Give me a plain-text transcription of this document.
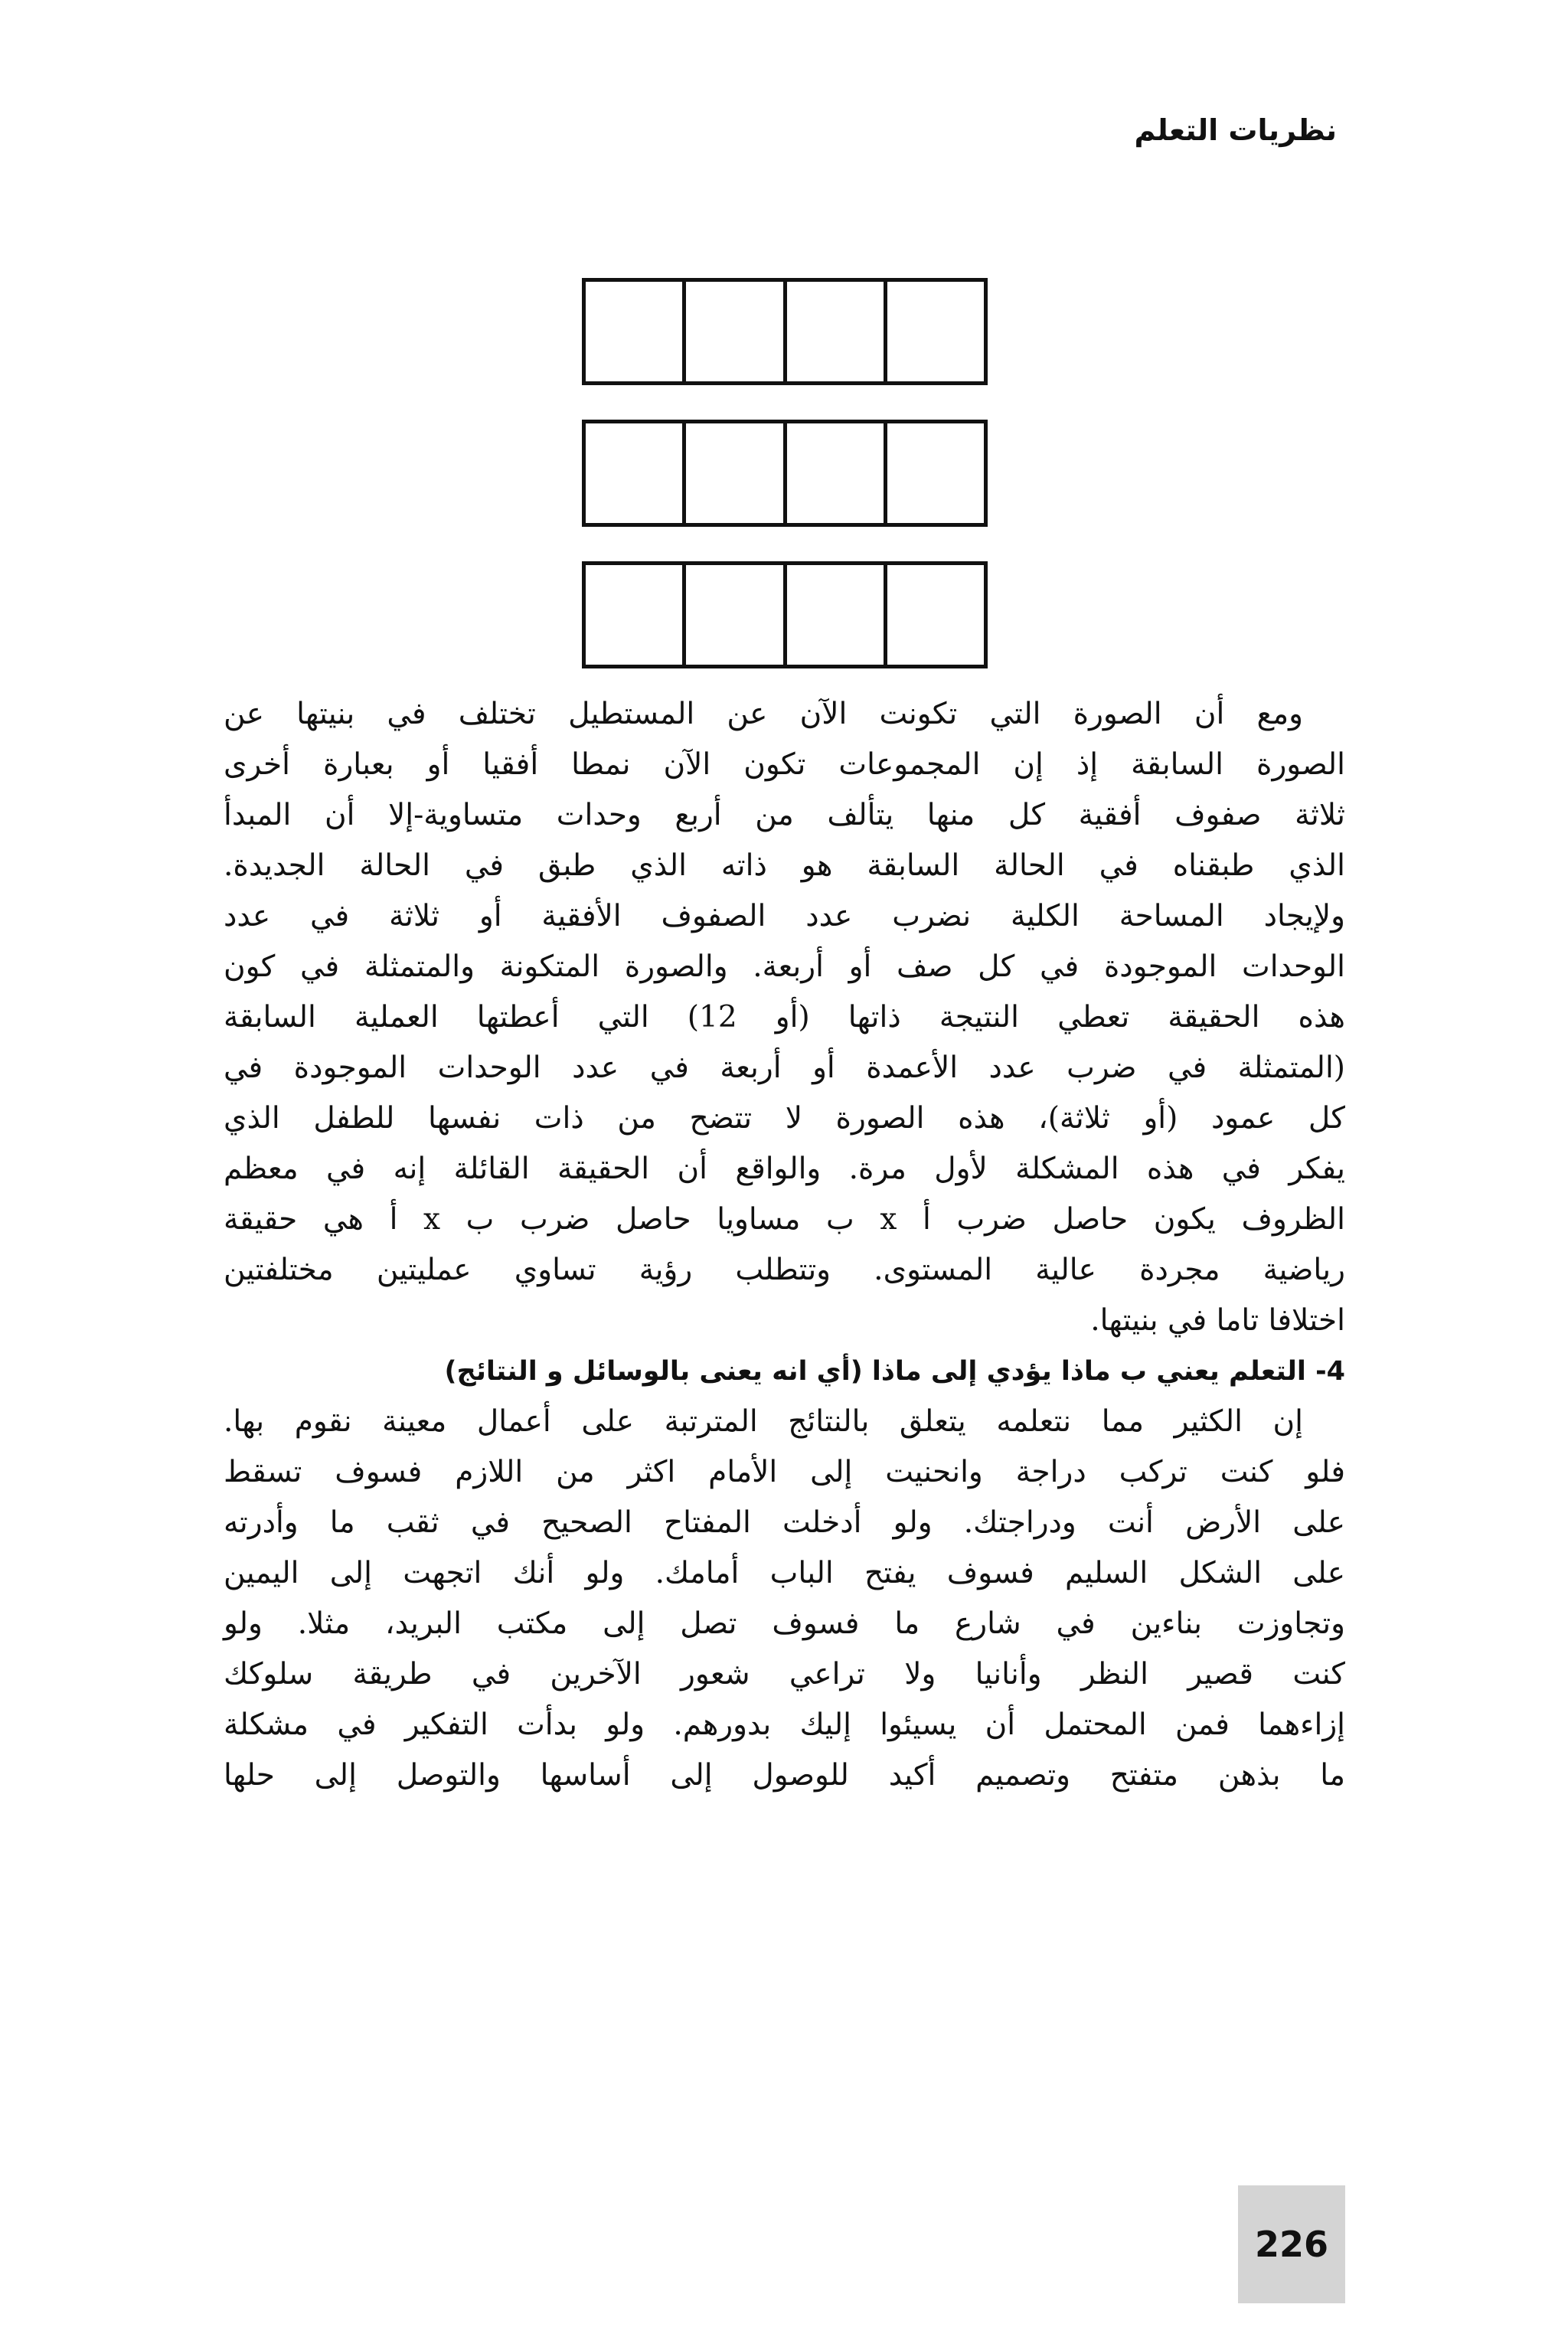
نظريات التعلم
ومع أن الصورة التي تكونت الآن عن المستطيل تختلف في بنيتها عن
الصورة السابقة إذ إن المجموعات تكون الآن نمطا أفقيا أو بعبارة أخرى
ثلاثة صفوف أفقية كل منها يتألف من أربع وحدات متساوية-إلا أن المبدأ
الذي طبقناه في الحالة السابقة هو ذاته الذي طبق في الحالة الجديدة.
ولإيجاد المساحة الكلية نضرب عدد الصفوف الأفقية أو ثلاثة في عدد
الوحدات الموجودة في كل صف أو أربعة. والصورة المتكونة والمتمثلة في كون
هذه الحقيقة تعطي النتيجة ذاتها (أو 12) التي أعطتها العملية السابقة
(المتمثلة في ضرب عدد الأعمدة أو أربعة في عدد الوحدات الموجودة في
كل عمود (أو ثلاثة)، هذه الصورة لا تتضح من ذات نفسها للطفل الذي
يفكر في هذه المشكلة لأول مرة. والواقع أن الحقيقة القائلة إنه في معظم
الظروف يكون حاصل ضرب أ x ب مساويا حاصل ضرب ب x أ هي حقيقة
رياضية مجردة عالية المستوى. وتتطلب رؤية تساوي عمليتين مختلفتين
اختلافا تاما في بنيتها.
4- التعلم يعني ب ماذا يؤدي إلى ماذا (أي انه يعنى بالوسائل و النتائج)
إن الكثير مما نتعلمه يتعلق بالنتائج المترتبة على أعمال معينة نقوم بها.
فلو كنت تركب دراجة وانحنيت إلى الأمام اكثر من اللازم فسوف تسقط
على الأرض أنت ودراجتك. ولو أدخلت المفتاح الصحيح في ثقب ما وأدرته
على الشكل السليم فسوف يفتح الباب أمامك. ولو أنك اتجهت إلى اليمين
وتجاوزت بناءين في شارع ما فسوف تصل إلى مكتب البريد، مثلا. ولو
كنت قصير النظر وأنانيا ولا تراعي شعور الآخرين في طريقة سلوكك
إزاءهما فمن المحتمل أن يسيئوا إليك بدورهم. ولو بدأت التفكير في مشكلة
ما بذهن متفتح وتصميم أكيد للوصول إلى أساسها والتوصل إلى حلها
226
